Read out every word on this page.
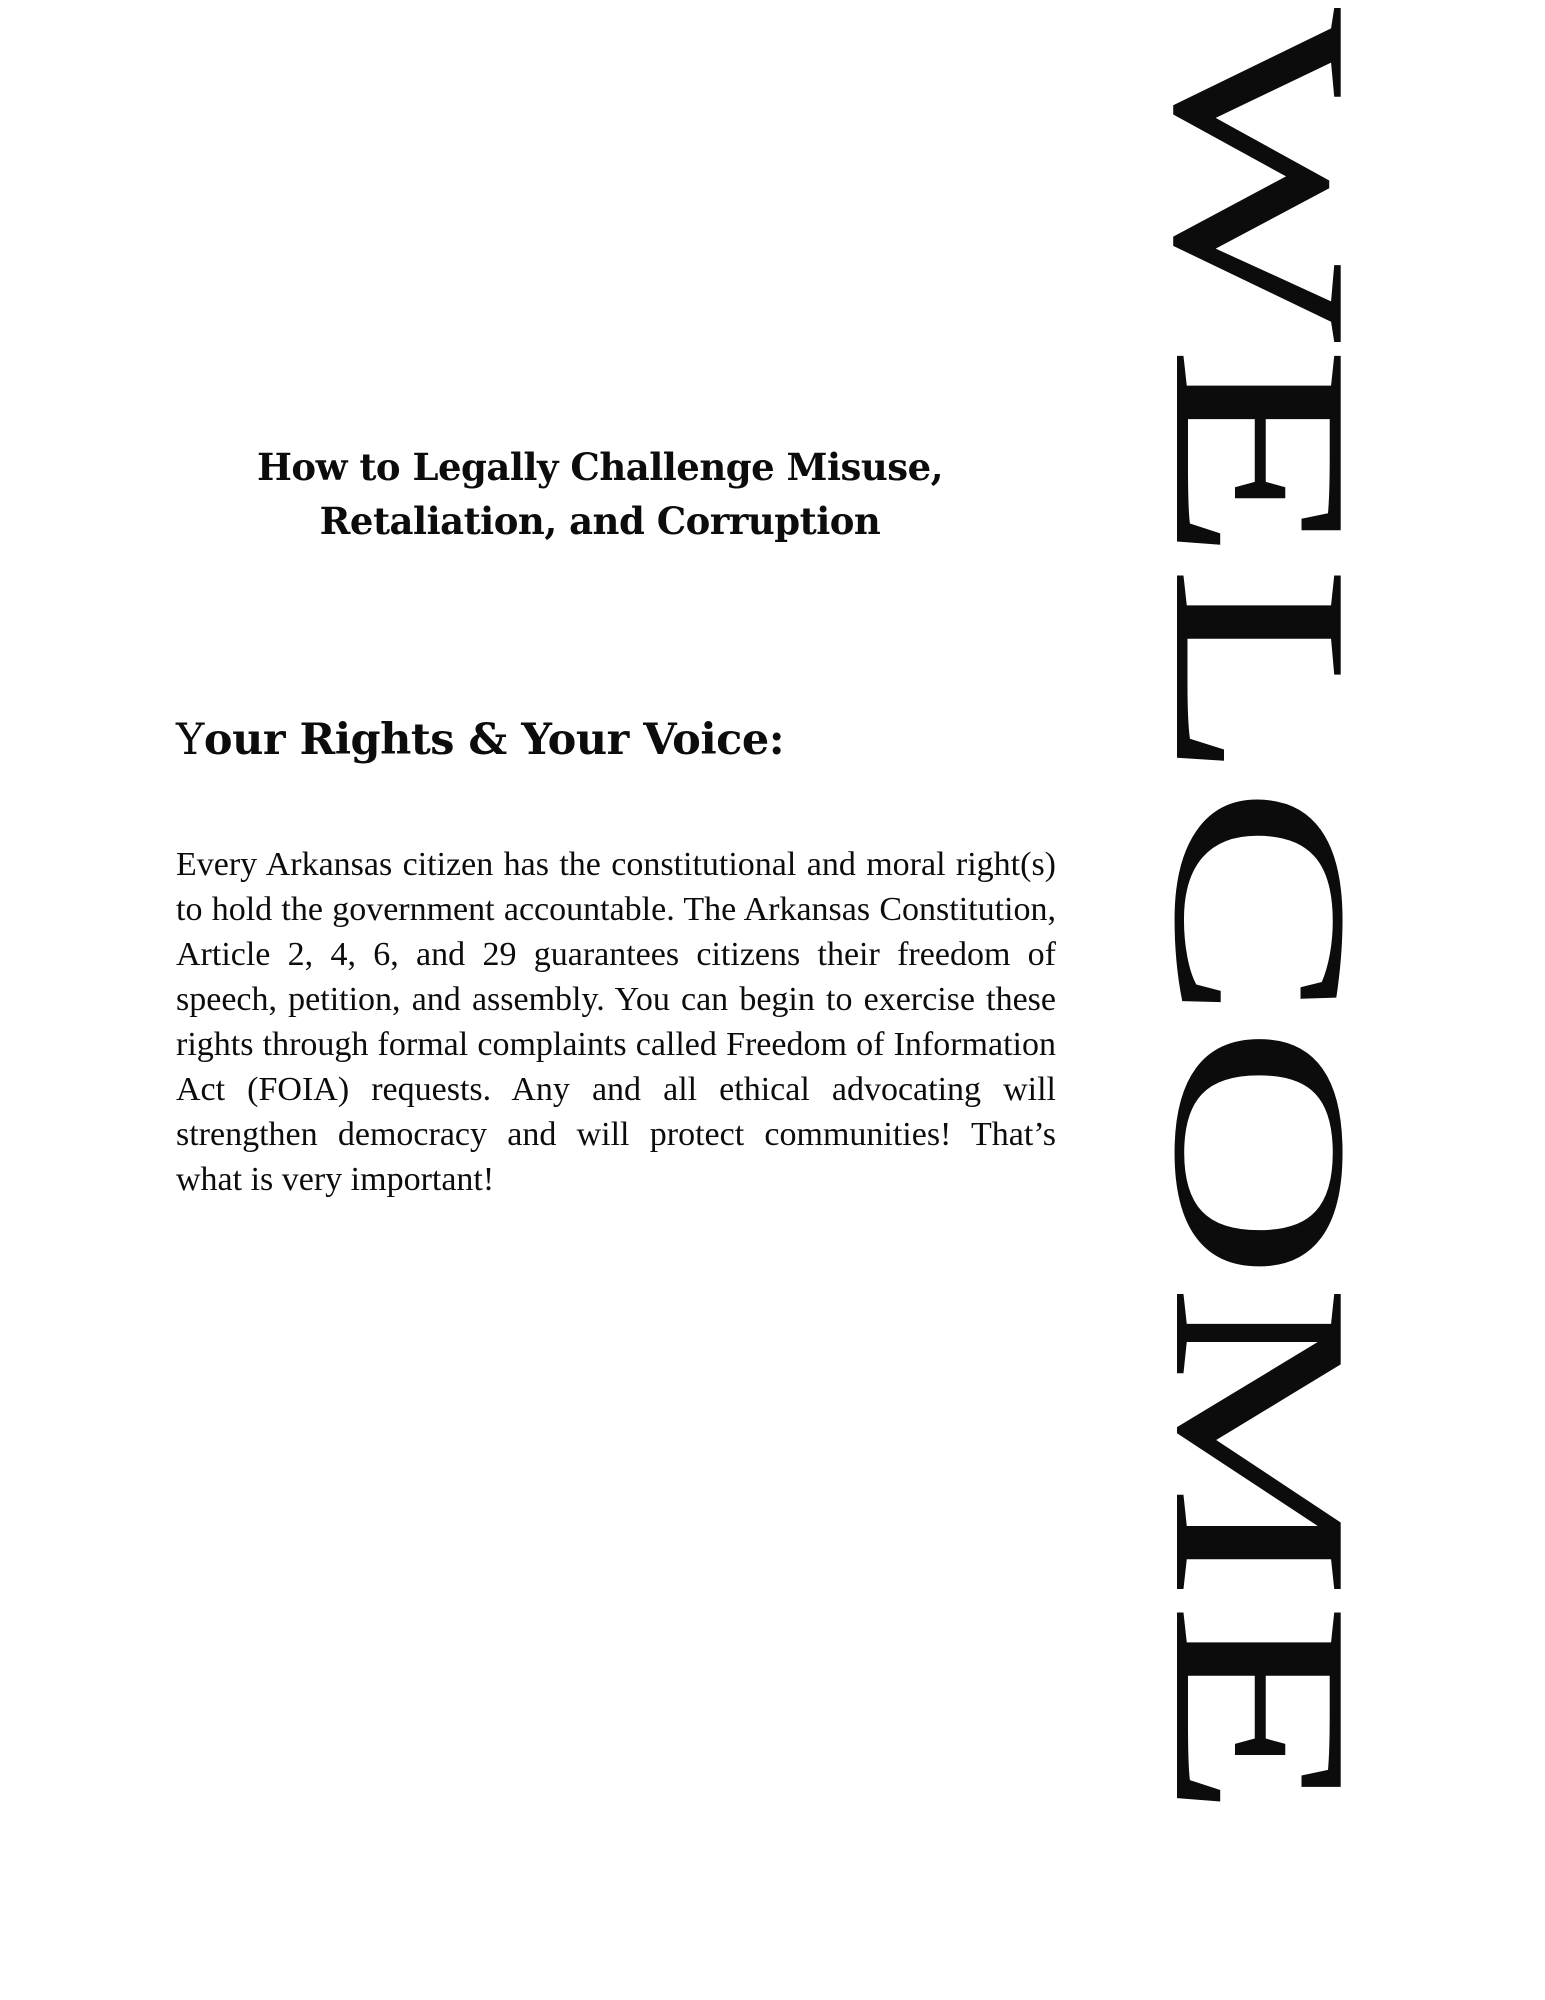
How to Legally Challenge Misuse,
Retaliation, and Corruption
Your Rights & Your Voice:

Every Arkansas citizen has the constitutional and moral right(s) to hold the government accountable. The Arkansas Constitution, Article 2, 4, 6, and 29 guarantees citizens their freedom of speech, petition, and assembly. You can begin to exercise these rights through formal complaints called Freedom of Information Act (FOIA) requests. Any and all ethical advocating will strengthen democracy and will protect communities! That’s what is very important!	WELCOME
